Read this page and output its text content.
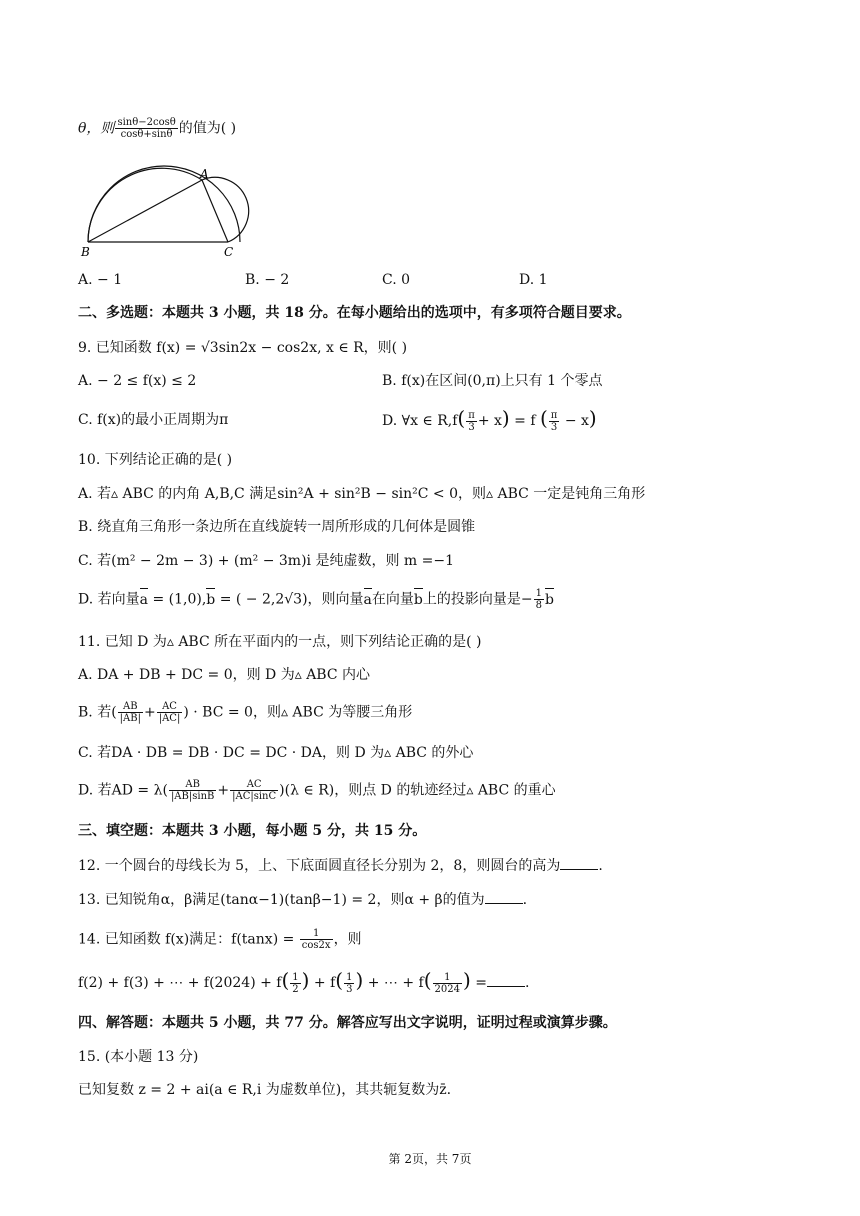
θ，则 $\frac{\sin\theta-2\cos\theta}{\cos\theta+\sin\theta}$ 的值为( )
A
B	C
A. − 1	B. − 2	C. 0	D. 1
二、多选题：本题共 3 小题，共 18 分。在每小题给出的选项中，有多项符合题目要求。
9. 已知函数 f(x) = √3sin2x − cos2x, x ∈ R，则( )
A. − 2 ≤ f(x) ≤ 2	B. f(x)在区间(0,π)上只有 1 个零点
C. f(x)的最小正周期为π	D. ∀x ∈ $R,f( \frac{\pi}{3} + x) = f$ ( $\frac{\pi}{3} - x$)
10. 下列结论正确的是( )
A. 若▵ ABC 的内角 A,B,C 满足sin²A + sin²B − sin²C < 0，则▵ ABC 一定是钝角三角形
B. 绕直角三角形一条边所在直线旋转一周所形成的几何体是圆锥
C. 若(m² − 2m − 3) + (m² − 3m)i 是纯虚数，则 m =−1
D. 若向量a = (1,0),b = ( − 2,2√3)，则向量a在向量b上的投影向量是− $\frac{1}{8}$ b
11. 已知 D 为▵ ABC 所在平面内的一点，则下列结论正确的是( )
A. DA + DB + DC = 0，则 D 为▵ ABC 内心
B. 若( $\frac{AB}{|AB|} + \frac{AC}{|AC|}$ ) · BC = 0，则▵ ABC 为等腰三角形
C. 若DA · DB = DB · DC = DC · DA，则 D 为▵ ABC 的外心
D. 若AD = $\lambda( \frac{AB}{|AB|\sin B} + \frac{AC}{|AC|\sin C} )(\lambda$ ∈ R)，则点 D 的轨迹经过▵ ABC 的重心
三、填空题：本题共 3 小题，每小题 5 分，共 15 分。
12. 一个圆台的母线长为 5，上、下底面圆直径长分别为 2，8，则圆台的高为	.
13. 已知锐角α，β满足(tanα−1)(tanβ−1) = 2，则α + β的值为	.
14. 已知函数 f(x)满足：$f(\tan x) = \frac{1}{\cos 2x}$ ，则
f(2) + f(3) + ⋯ + $f(2024) + f( \frac{1}{2}$ ) + $f( \frac{1}{3}$ ) + ⋯ + $f( \frac{1}{2024}$ ) =	.
四、解答题：本题共 5 小题，共 77 分。解答应写出文字说明，证明过程或演算步骤。
15. (本小题 13 分)
已知复数 z = 2 + ai(a ∈ R,i 为虚数单位)，其共轭复数为z̄.
第 2页，共 7页
